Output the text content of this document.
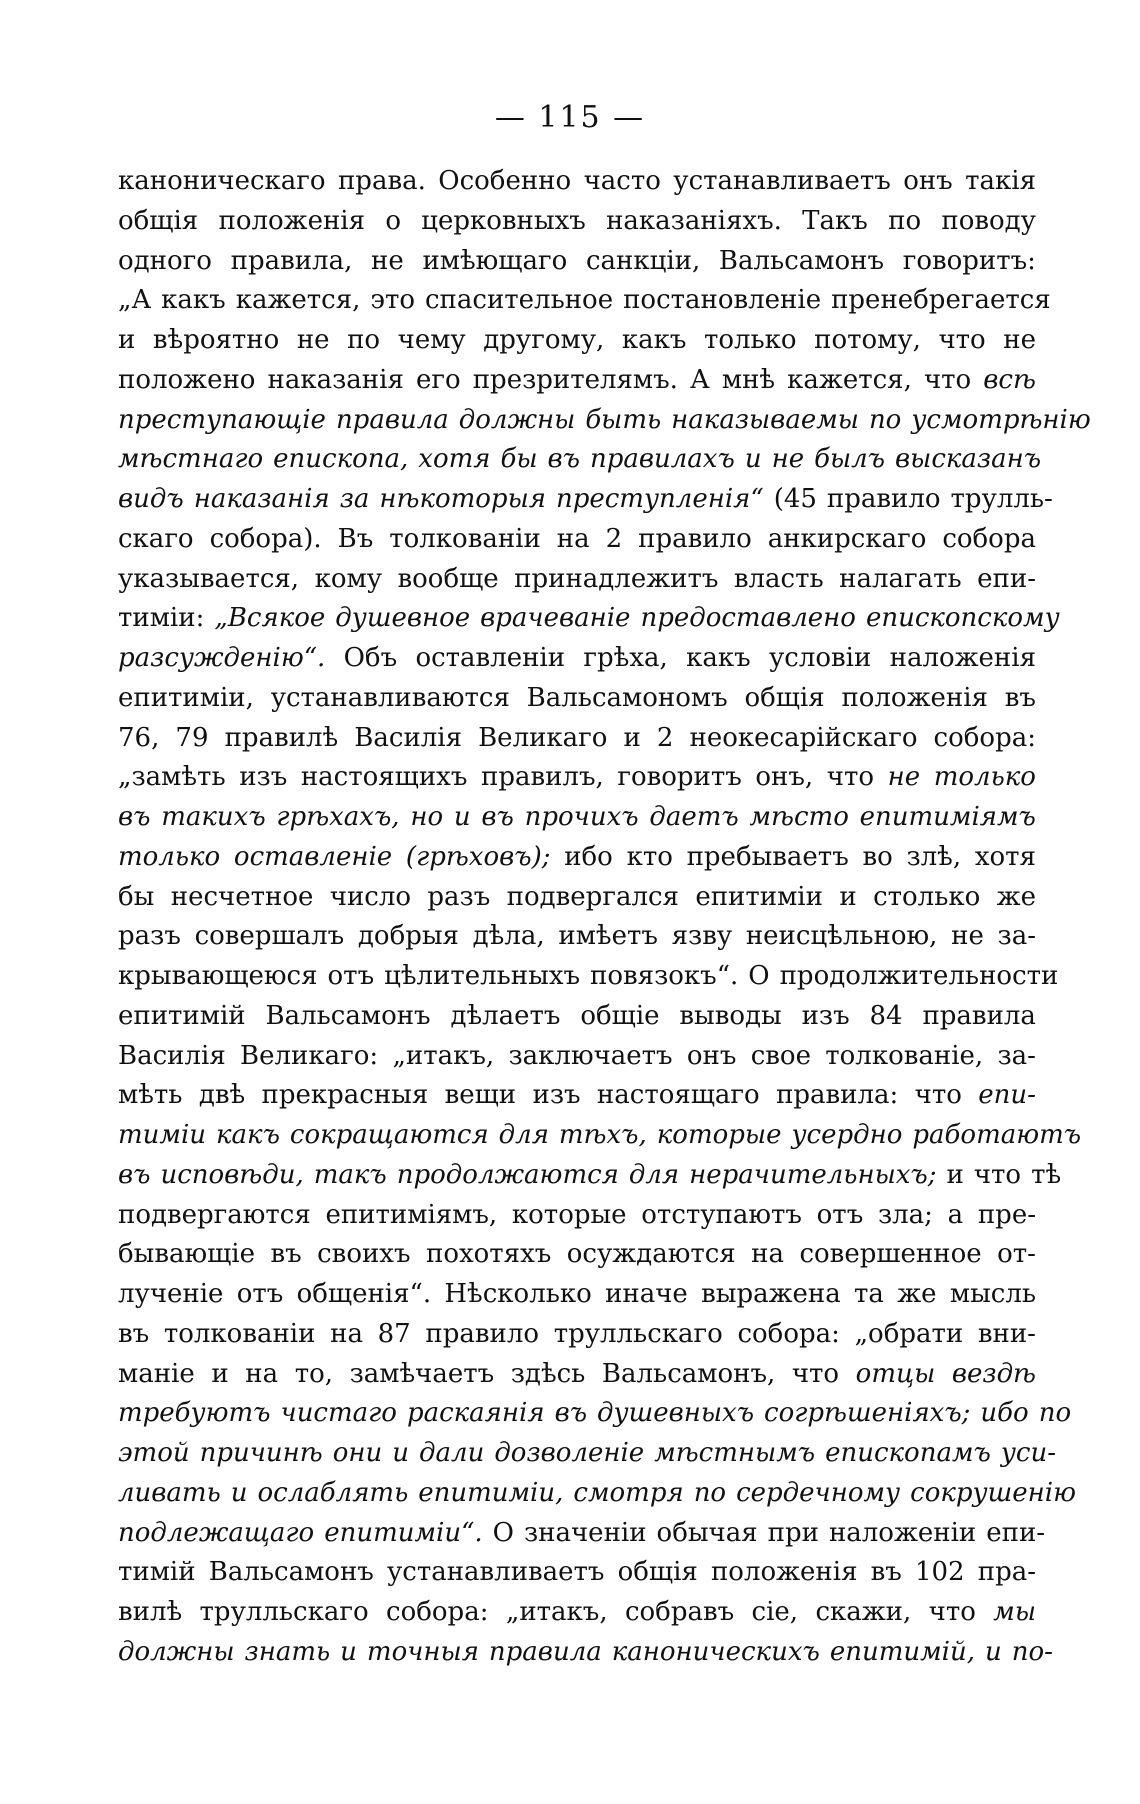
— 115 —
каноническаго права. Особенно часто устанавливаетъ онъ такія
общія положенія о церковныхъ наказаніяхъ. Такъ по поводу
одного правила, не имѣющаго санкціи, Вальсамонъ говоритъ:
„А какъ кажется, это спасительное постановленіе пренебрегается
и вѣроятно не по чему другому, какъ только потому, что не
положено наказанія его презрителямъ. А мнѣ кажется, что всѣ
преступающіе правила должны быть наказываемы по усмотрѣнію
мѣстнаго епископа, хотя бы въ правилахъ и не былъ высказанъ
видъ наказанія за нѣкоторыя преступленія“ (45 правило трулль-
скаго собора). Въ толкованіи на 2 правило анкирскаго собора
указывается, кому вообще принадлежитъ власть налагать епи-
тиміи: „Всякое душевное врачеваніе предоставлено епископскому
разсужденію“. Объ оставленіи грѣха, какъ условіи наложенія
епитиміи, устанавливаются Вальсамономъ общія положенія въ
76, 79 правилѣ Василія Великаго и 2 неокесарійскаго собора:
„замѣть изъ настоящихъ правилъ, говоритъ онъ, что не только
въ такихъ грѣхахъ, но и въ прочихъ даетъ мѣсто епитиміямъ
только оставленіе (грѣховъ); ибо кто пребываетъ во злѣ, хотя
бы несчетное число разъ подвергался епитиміи и столько же
разъ совершалъ добрыя дѣла, имѣетъ язву неисцѣльною, не за-
крывающеюся отъ цѣлительныхъ повязокъ“. О продолжительности
епитимій Вальсамонъ дѣлаетъ общіе выводы изъ 84 правила
Василія Великаго: „итакъ, заключаетъ онъ свое толкованіе, за-
мѣть двѣ прекрасныя вещи изъ настоящаго правила: что епи-
тиміи какъ сокращаются для тѣхъ, которые усердно работаютъ
въ исповѣди, такъ продолжаются для нерачительныхъ; и что тѣ
подвергаются епитиміямъ, которые отступаютъ отъ зла; а пре-
бывающіе въ своихъ похотяхъ осуждаются на совершенное от-
лученіе отъ общенія“. Нѣсколько иначе выражена та же мысль
въ толкованіи на 87 правило трулльскаго собора: „обрати вни-
маніе и на то, замѣчаетъ здѣсь Вальсамонъ, что отцы вездѣ
требуютъ чистаго раскаянія въ душевныхъ согрѣшеніяхъ; ибо по
этой причинѣ они и дали дозволеніе мѣстнымъ епископамъ уси-
ливать и ослаблять епитиміи, смотря по сердечному сокрушенію
подлежащаго епитиміи“. О значеніи обычая при наложеніи епи-
тимій Вальсамонъ устанавливаетъ общія положенія въ 102 пра-
вилѣ трулльскаго собора: „итакъ, собравъ сіе, скажи, что мы
должны знать и точныя правила каноническихъ епитимій, и по-
